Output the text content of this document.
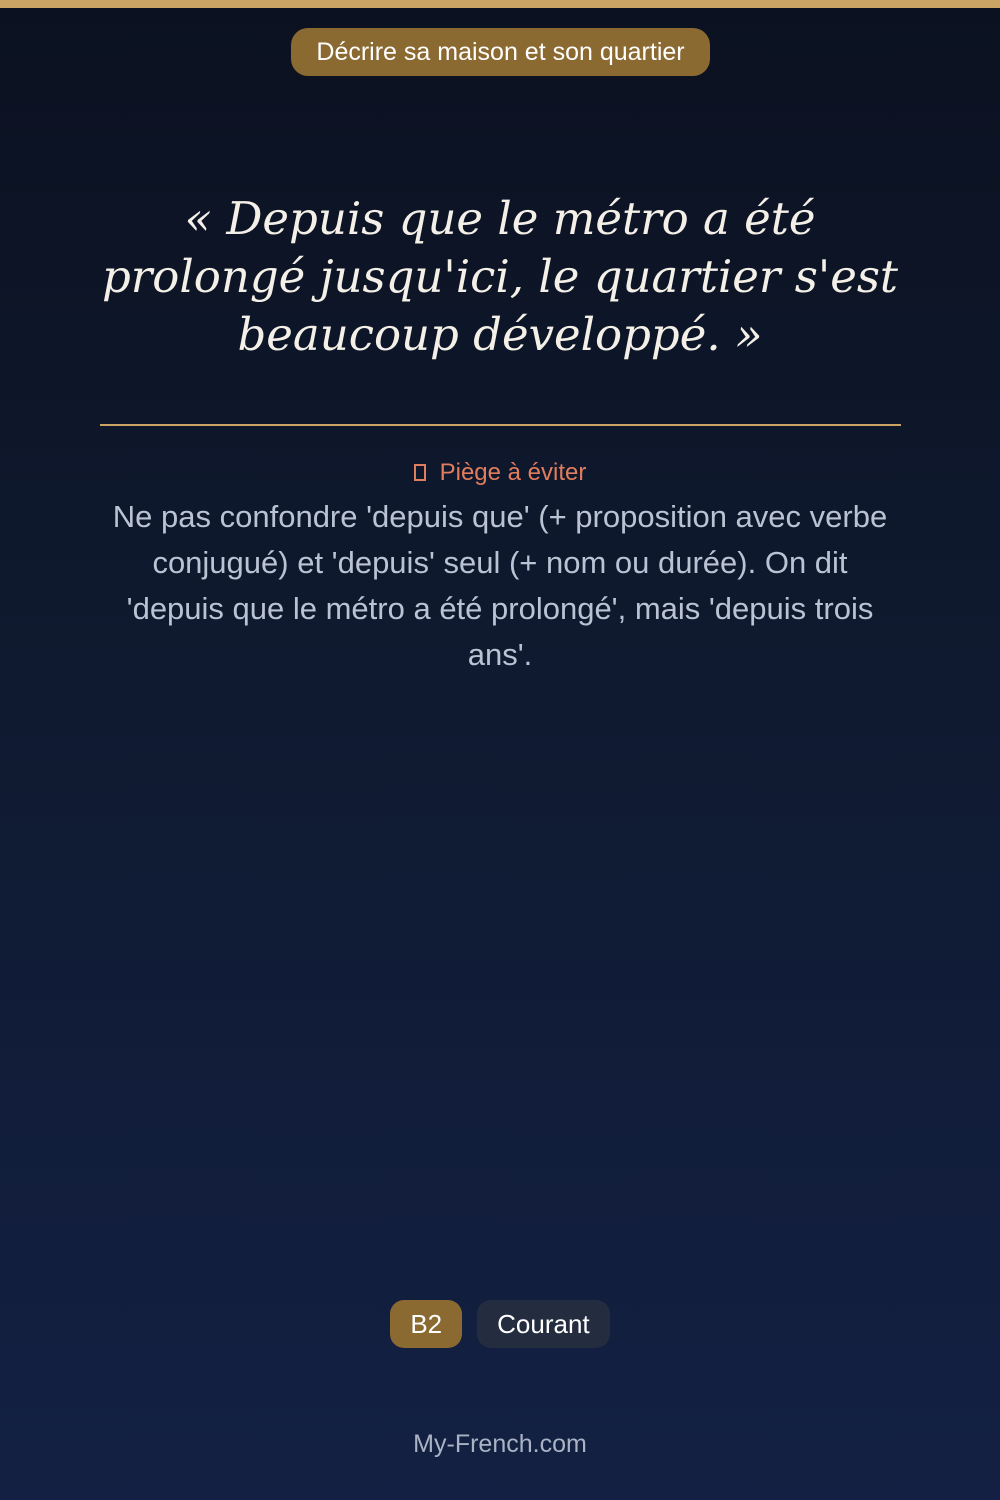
Décrire sa maison et son quartier

« Depuis que le métro a été prolongé jusqu'ici, le quartier s'est beaucoup développé. »

Piège à éviter

Ne pas confondre 'depuis que' (+ proposition avec verbe conjugué) et 'depuis' seul (+ nom ou durée). On dit 'depuis que le métro a été prolongé', mais 'depuis trois ans'.

B2 Courant
My-French.com
